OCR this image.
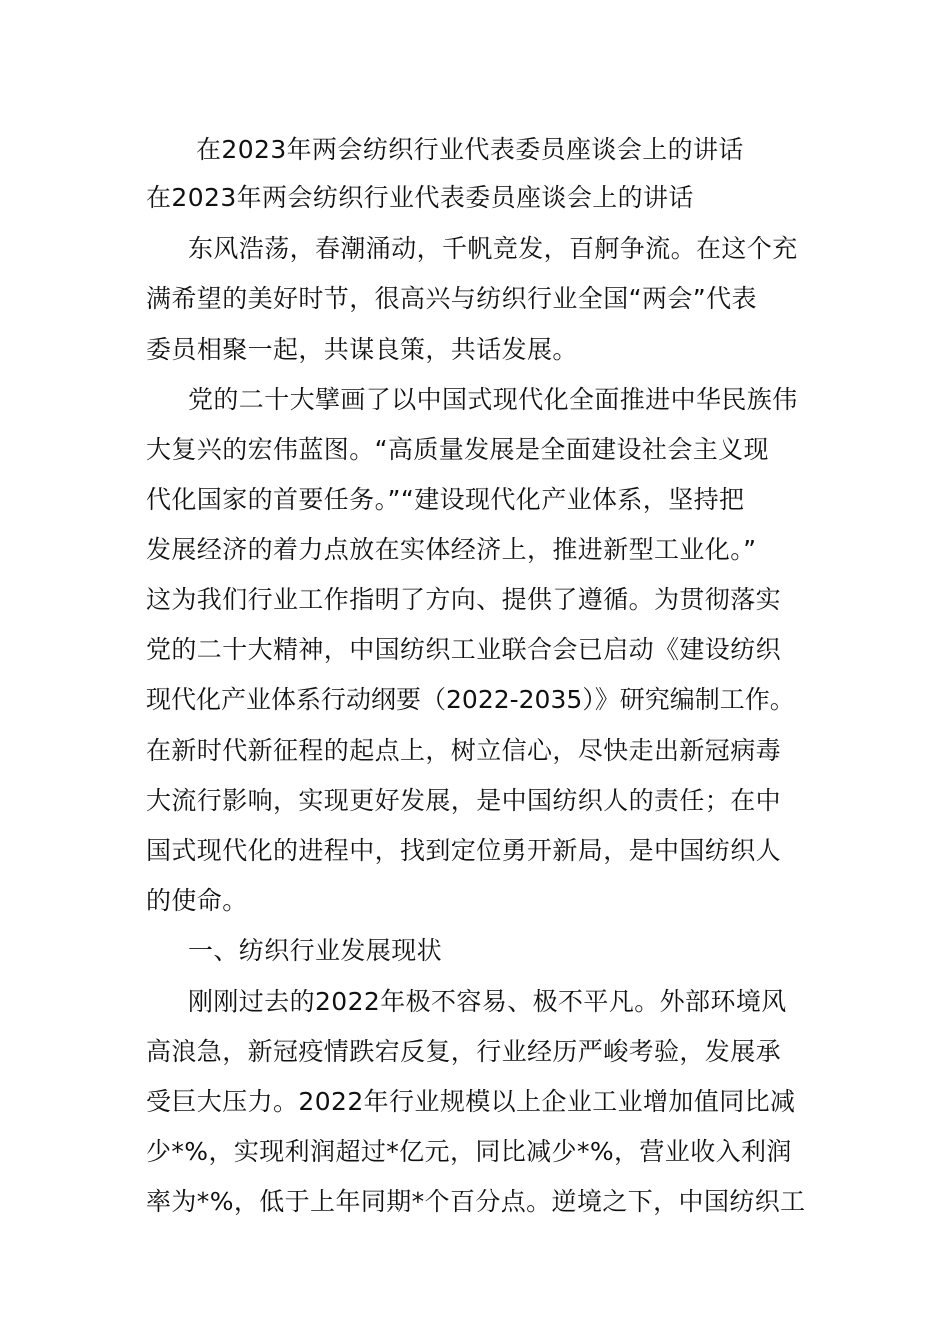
在2023年两会纺织行业代表委员座谈会上的讲话
在2023年两会纺织行业代表委员座谈会上的讲话
东风浩荡，春潮涌动，千帆竞发，百舸争流。在这个充
满希望的美好时节，很高兴与纺织行业全国“两会”代表
委员相聚一起，共谋良策，共话发展。
党的二十大擘画了以中国式现代化全面推进中华民族伟
大复兴的宏伟蓝图。“高质量发展是全面建设社会主义现
代化国家的首要任务。”“建设现代化产业体系，坚持把
发展经济的着力点放在实体经济上，推进新型工业化。”
这为我们行业工作指明了方向、提供了遵循。为贯彻落实
党的二十大精神，中国纺织工业联合会已启动《建设纺织
现代化产业体系行动纲要（2022-2035）》研究编制工作。
在新时代新征程的起点上，树立信心，尽快走出新冠病毒
大流行影响，实现更好发展，是中国纺织人的责任；在中
国式现代化的进程中，找到定位勇开新局，是中国纺织人
的使命。
一、纺织行业发展现状
刚刚过去的2022年极不容易、极不平凡。外部环境风
高浪急，新冠疫情跌宕反复，行业经历严峻考验，发展承
受巨大压力。2022年行业规模以上企业工业增加值同比减
少*%，实现利润超过*亿元，同比减少*%，营业收入利润
率为*%，低于上年同期*个百分点。逆境之下，中国纺织工
